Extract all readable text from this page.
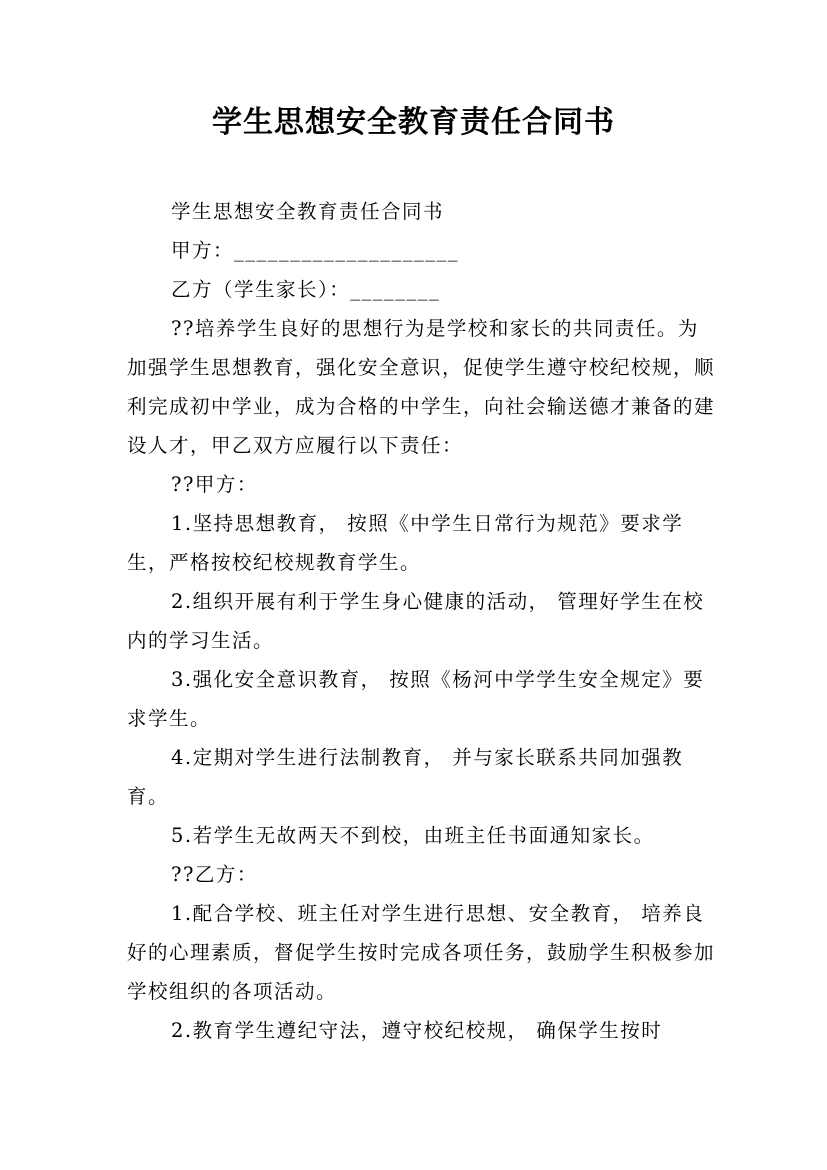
学生思想安全教育责任合同书

学生思想安全教育责任合同书

甲方：____________________

乙方（学生家长）：________

??培养学生良好的思想行为是学校和家长的共同责任。为加强学生思想教育，强化安全意识，促使学生遵守校纪校规，顺利完成初中学业，成为合格的中学生，向社会输送德才兼备的建设人才，甲乙双方应履行以下责任：

??甲方：

1.坚持思想教育， 按照《中学生日常行为规范》要求学生，严格按校纪校规教育学生。

2.组织开展有利于学生身心健康的活动， 管理好学生在校内的学习生活。

3.强化安全意识教育， 按照《杨河中学学生安全规定》要求学生。

4.定期对学生进行法制教育， 并与家长联系共同加强教育。

5.若学生无故两天不到校，由班主任书面通知家长。

??乙方：

1.配合学校、班主任对学生进行思想、安全教育， 培养良好的心理素质，督促学生按时完成各项任务，鼓励学生积极参加学校组织的各项活动。

2.教育学生遵纪守法，遵守校纪校规， 确保学生按时
